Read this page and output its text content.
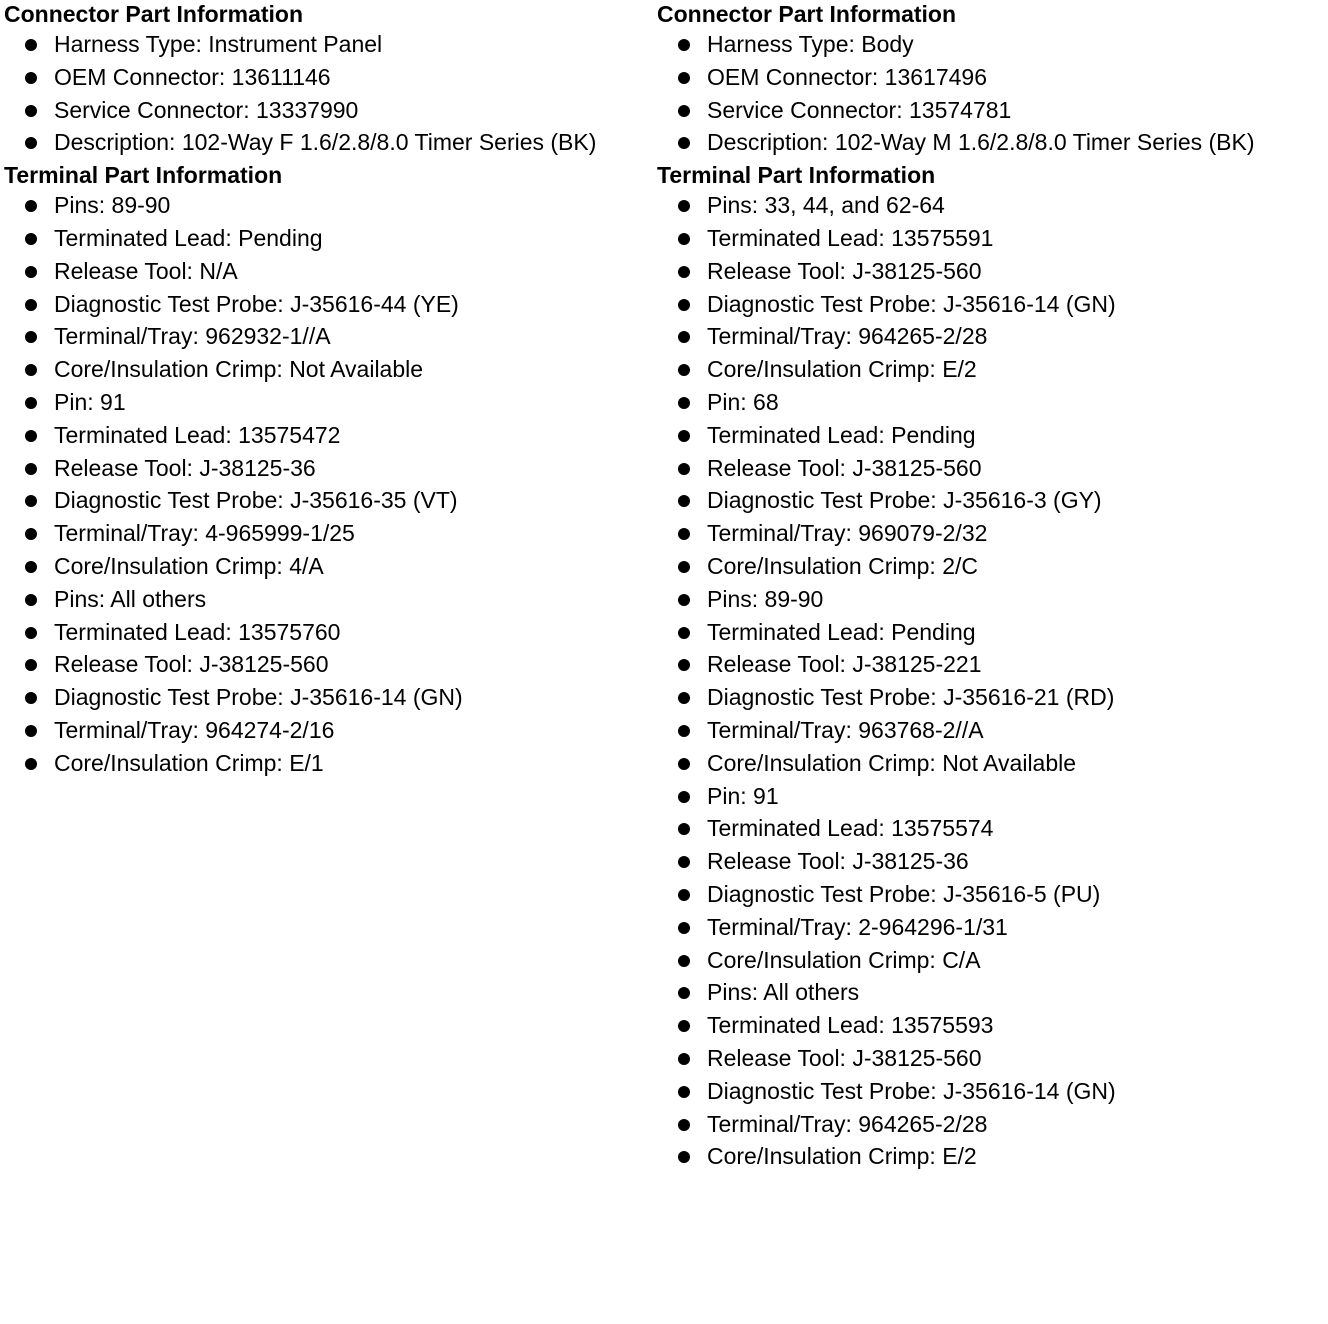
Connector Part Information
Harness Type: Instrument Panel
OEM Connector: 13611146
Service Connector: 13337990
Description: 102-Way F 1.6/2.8/8.0 Timer Series (BK)
Terminal Part Information
Pins: 89-90
Terminated Lead: Pending
Release Tool: N/A
Diagnostic Test Probe: J-35616-44 (YE)
Terminal/Tray: 962932-1//A
Core/Insulation Crimp: Not Available
Pin: 91
Terminated Lead: 13575472
Release Tool: J-38125-36
Diagnostic Test Probe: J-35616-35 (VT)
Terminal/Tray: 4-965999-1/25
Core/Insulation Crimp: 4/A
Pins: All others
Terminated Lead: 13575760
Release Tool: J-38125-560
Diagnostic Test Probe: J-35616-14 (GN)
Terminal/Tray: 964274-2/16
Core/Insulation Crimp: E/1
Connector Part Information
Harness Type: Body
OEM Connector: 13617496
Service Connector: 13574781
Description: 102-Way M 1.6/2.8/8.0 Timer Series (BK)
Terminal Part Information
Pins: 33, 44, and 62-64
Terminated Lead: 13575591
Release Tool: J-38125-560
Diagnostic Test Probe: J-35616-14 (GN)
Terminal/Tray: 964265-2/28
Core/Insulation Crimp: E/2
Pin: 68
Terminated Lead: Pending
Release Tool: J-38125-560
Diagnostic Test Probe: J-35616-3 (GY)
Terminal/Tray: 969079-2/32
Core/Insulation Crimp: 2/C
Pins: 89-90
Terminated Lead: Pending
Release Tool: J-38125-221
Diagnostic Test Probe: J-35616-21 (RD)
Terminal/Tray: 963768-2//A
Core/Insulation Crimp: Not Available
Pin: 91
Terminated Lead: 13575574
Release Tool: J-38125-36
Diagnostic Test Probe: J-35616-5 (PU)
Terminal/Tray: 2-964296-1/31
Core/Insulation Crimp: C/A
Pins: All others
Terminated Lead: 13575593
Release Tool: J-38125-560
Diagnostic Test Probe: J-35616-14 (GN)
Terminal/Tray: 964265-2/28
Core/Insulation Crimp: E/2
